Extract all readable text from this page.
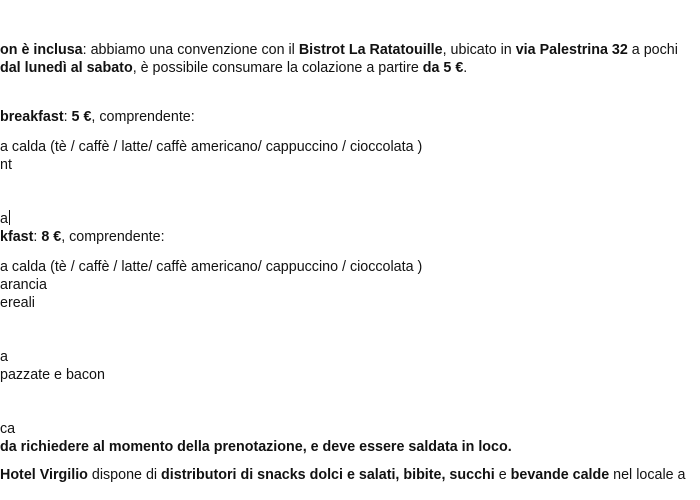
on è inclusa: abbiamo una convenzione con il Bistrot La Ratatouille, ubicato in via Palestrina 32 a pochi
dal lunedì al sabato, è possibile consumare la colazione a partire da 5 €.
breakfast: 5 €, comprendente:
a calda (tè / caffè / latte/ caffè americano/ cappuccino / cioccolata )
nt
a
kfast: 8 €, comprendente:
a calda (tè / caffè / latte/ caffè americano/ cappuccino / cioccolata )
arancia
ereali
a
pazzate e bacon
ca
da richiedere al momento della prenotazione, e deve essere saldata in loco.
Hotel Virgilio dispone di distributori di snacks dolci e salati, bibite, succhi e bevande calde nel locale a
